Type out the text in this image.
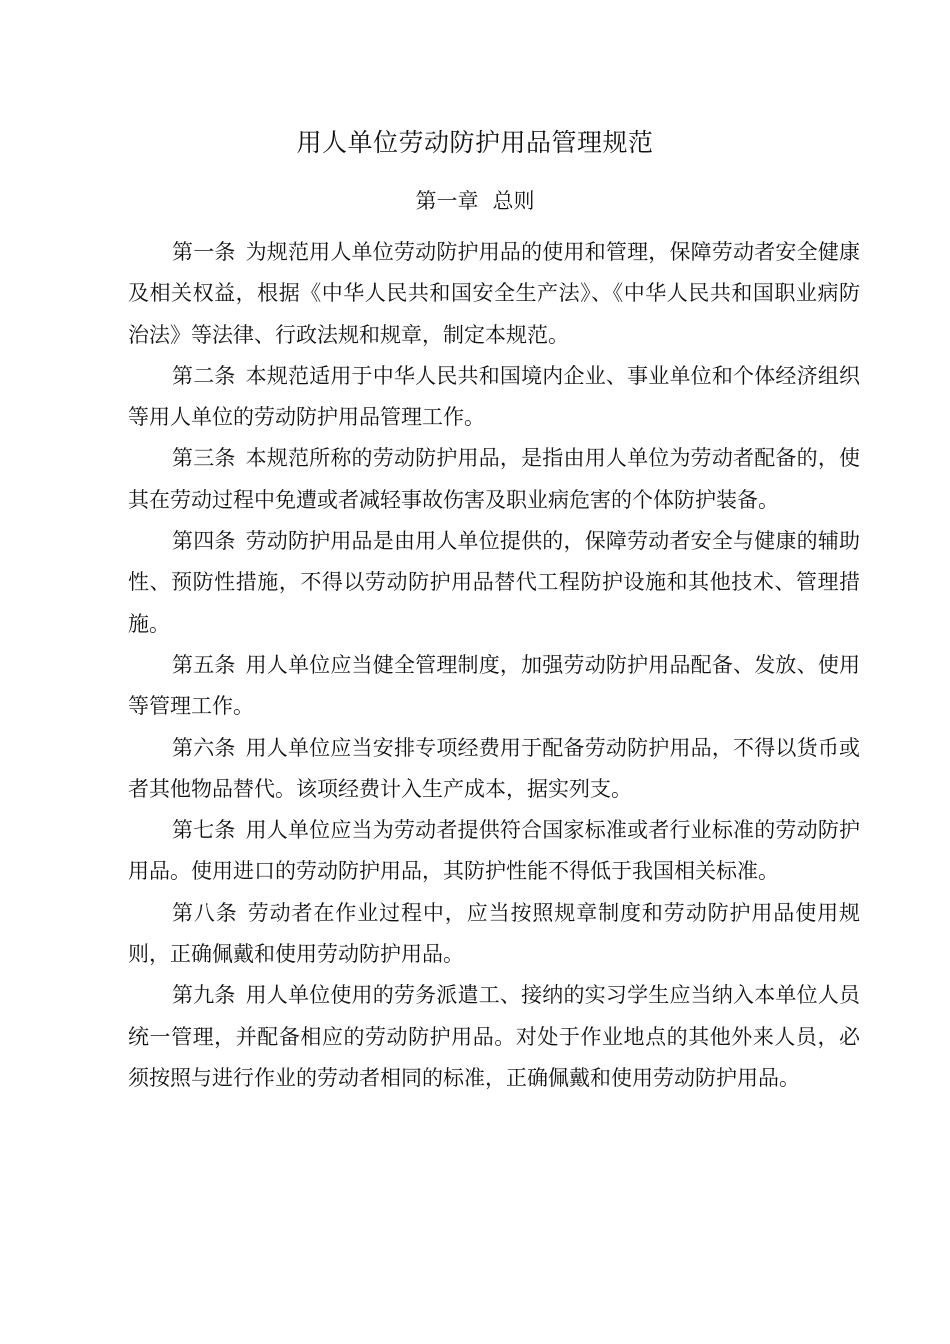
用人单位劳动防护用品管理规范
第一章 总则

第一条 为规范用人单位劳动防护用品的使用和管理，保障劳动者安全健康及相关权益，根据《中华人民共和国安全生产法》、《中华人民共和国职业病防治法》等法律、行政法规和规章，制定本规范。

第二条 本规范适用于中华人民共和国境内企业、事业单位和个体经济组织等用人单位的劳动防护用品管理工作。

第三条 本规范所称的劳动防护用品，是指由用人单位为劳动者配备的，使其在劳动过程中免遭或者减轻事故伤害及职业病危害的个体防护装备。

第四条 劳动防护用品是由用人单位提供的，保障劳动者安全与健康的辅助性、预防性措施，不得以劳动防护用品替代工程防护设施和其他技术、管理措施。

第五条 用人单位应当健全管理制度，加强劳动防护用品配备、发放、使用等管理工作。

第六条 用人单位应当安排专项经费用于配备劳动防护用品，不得以货币或者其他物品替代。该项经费计入生产成本，据实列支。

第七条 用人单位应当为劳动者提供符合国家标准或者行业标准的劳动防护用品。使用进口的劳动防护用品，其防护性能不得低于我国相关标准。

第八条 劳动者在作业过程中，应当按照规章制度和劳动防护用品使用规则，正确佩戴和使用劳动防护用品。

第九条 用人单位使用的劳务派遣工、接纳的实习学生应当纳入本单位人员统一管理，并配备相应的劳动防护用品。对处于作业地点的其他外来人员，必须按照与进行作业的劳动者相同的标准，正确佩戴和使用劳动防护用品。
